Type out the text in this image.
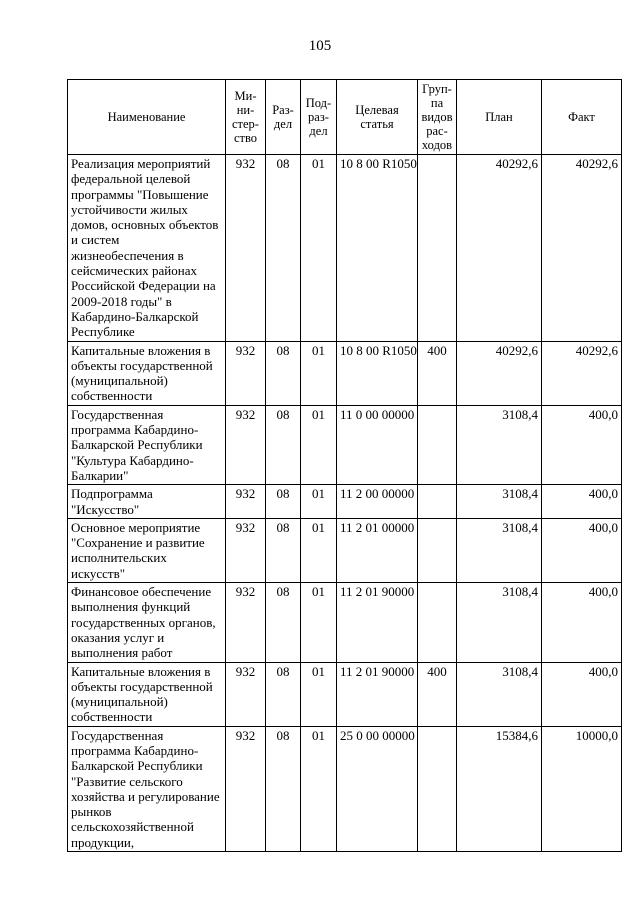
105
Наименование	Ми-ни-стер-ство	Раз-дел	Под-раз-дел	Целевая статья	Груп-па видов рас-ходов	План	Факт
Реализация мероприятий федеральной целевой программы "Повышение устойчивости жилых домов, основных объектов и систем жизнеобеспечения в сейсмических районах Российской Федерации на 2009-2018 годы" в Кабардино-Балкарской Республике	932	08	01	10 8 00 R1050		40292,6	40292,6
Капитальные вложения в объекты государственной (муниципальной) собственности	932	08	01	10 8 00 R1050	400	40292,6	40292,6
Государственная программа Кабардино-Балкарской Республики "Культура Кабардино-Балкарии"	932	08	01	11 0 00 00000		3108,4	400,0
Подпрограмма "Искусство"	932	08	01	11 2 00 00000		3108,4	400,0
Основное мероприятие "Сохранение и развитие исполнительских искусств"	932	08	01	11 2 01 00000		3108,4	400,0
Финансовое обеспечение выполнения функций государственных органов, оказания услуг и выполнения работ	932	08	01	11 2 01 90000		3108,4	400,0
Капитальные вложения в объекты государственной (муниципальной) собственности	932	08	01	11 2 01 90000	400	3108,4	400,0
Государственная программа Кабардино-Балкарской Республики "Развитие сельского хозяйства и регулирование рынков сельскохозяйственной продукции,	932	08	01	25 0 00 00000		15384,6	10000,0
